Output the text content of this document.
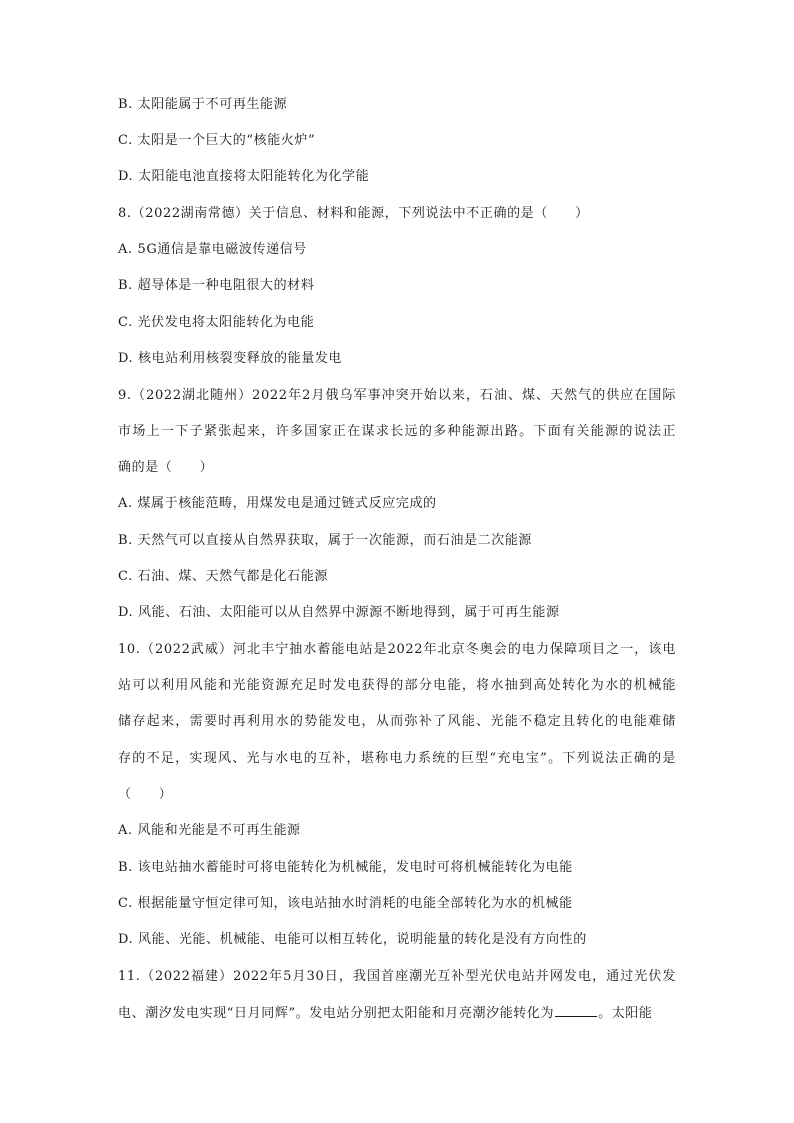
B. 太阳能属于不可再生能源
C. 太阳是一个巨大的“核能火炉”
D. 太阳能电池直接将太阳能转化为化学能
8.（2022湖南常德）关于信息、材料和能源，下列说法中不正确的是（　　）
A. 5G通信是靠电磁波传递信号
B. 超导体是一种电阻很大的材料
C. 光伏发电将太阳能转化为电能
D. 核电站利用核裂变释放的能量发电
9.（2022湖北随州）2022年2月俄乌军事冲突开始以来，石油、煤、天然气的供应在国际
市场上一下子紧张起来，许多国家正在谋求长远的多种能源出路。下面有关能源的说法正
确的是（　　）
A. 煤属于核能范畴，用煤发电是通过链式反应完成的
B. 天然气可以直接从自然界获取，属于一次能源，而石油是二次能源
C. 石油、煤、天然气都是化石能源
D. 风能、石油、太阳能可以从自然界中源源不断地得到，属于可再生能源
10.（2022武威）河北丰宁抽水蓄能电站是2022年北京冬奥会的电力保障项目之一，该电
站可以利用风能和光能资源充足时发电获得的部分电能，将水抽到高处转化为水的机械能
储存起来，需要时再利用水的势能发电，从而弥补了风能、光能不稳定且转化的电能难储
存的不足，实现风、光与水电的互补，堪称电力系统的巨型“充电宝”。下列说法正确的是
（　　）
A. 风能和光能是不可再生能源
B. 该电站抽水蓄能时可将电能转化为机械能，发电时可将机械能转化为电能
C. 根据能量守恒定律可知，该电站抽水时消耗的电能全部转化为水的机械能
D. 风能、光能、机械能、电能可以相互转化，说明能量的转化是没有方向性的
11.（2022福建）2022年5月30日，我国首座潮光互补型光伏电站并网发电，通过光伏发
电、潮汐发电实现“日月同辉”。发电站分别把太阳能和月亮潮汐能转化为	。太阳能
